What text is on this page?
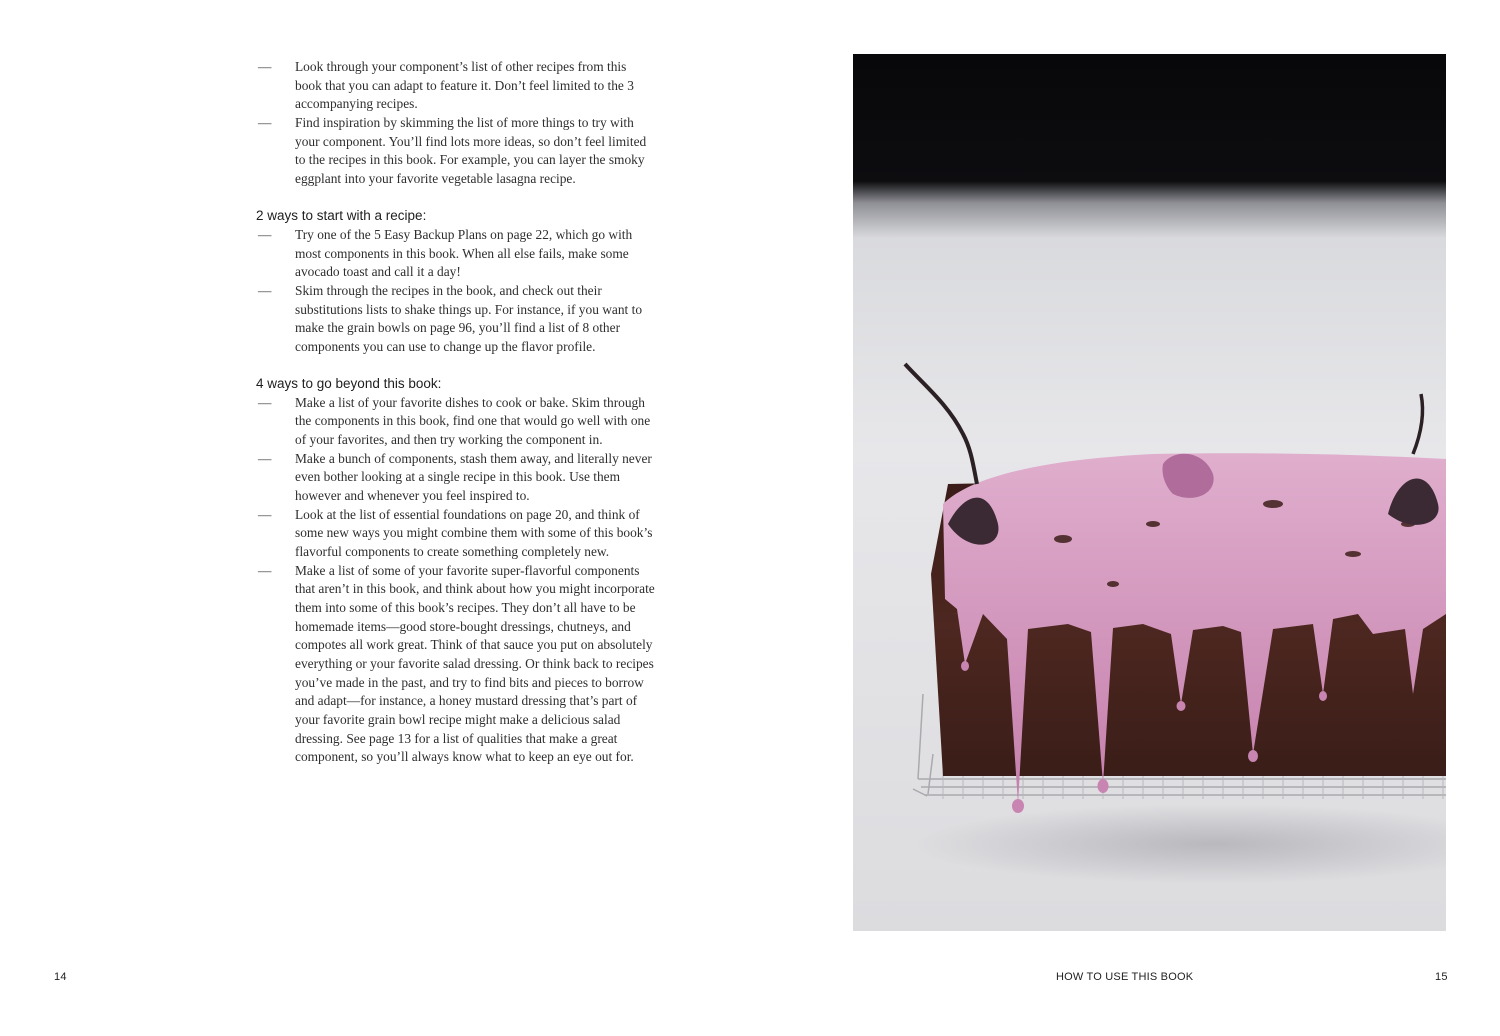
— Look through your component’s list of other recipes from this book that you can adapt to feature it. Don’t feel limited to the 3 accompanying recipes.
— Find inspiration by skimming the list of more things to try with your component. You’ll find lots more ideas, so don’t feel limited to the recipes in this book. For example, you can layer the smoky eggplant into your favorite vegetable lasagna recipe.
2 ways to start with a recipe:
— Try one of the 5 Easy Backup Plans on page 22, which go with most components in this book. When all else fails, make some avocado toast and call it a day!
— Skim through the recipes in the book, and check out their substitutions lists to shake things up. For instance, if you want to make the grain bowls on page 96, you’ll find a list of 8 other components you can use to change up the flavor profile.
4 ways to go beyond this book:
— Make a list of your favorite dishes to cook or bake. Skim through the components in this book, find one that would go well with one of your favorites, and then try working the component in.
— Make a bunch of components, stash them away, and literally never even bother looking at a single recipe in this book. Use them however and whenever you feel inspired to.
— Look at the list of essential foundations on page 20, and think of some new ways you might combine them with some of this book’s flavorful components to create something completely new.
— Make a list of some of your favorite super-flavorful components that aren’t in this book, and think about how you might incorporate them into some of this book’s recipes. They don’t all have to be homemade items—good store-bought dressings, chutneys, and compotes all work great. Think of that sauce you put on absolutely everything or your favorite salad dressing. Or think back to recipes you’ve made in the past, and try to find bits and pieces to borrow and adapt—for instance, a honey mustard dressing that’s part of your favorite grain bowl recipe might make a delicious salad dressing. See page 13 for a list of qualities that make a great component, so you’ll always know what to keep an eye out for.
14	HOW TO USE THIS BOOK	15
